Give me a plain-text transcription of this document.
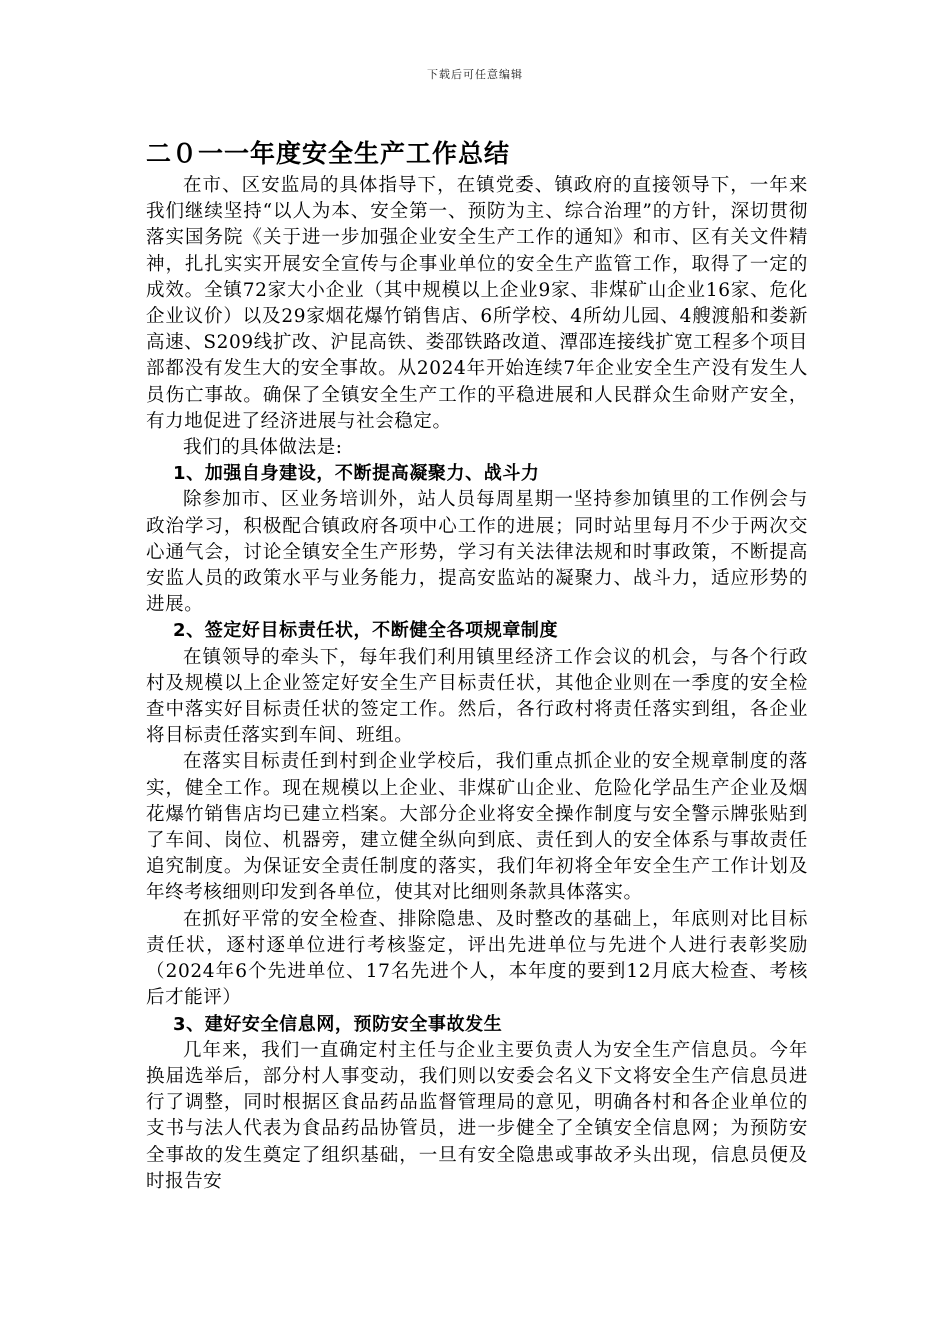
下载后可任意编辑
二０一一年度安全生产工作总结

在市、区安监局的具体指导下，在镇党委、镇政府的直接领导下，一年来我们继续坚持“以人为本、安全第一、预防为主、综合治理”的方针，深切贯彻落实国务院《关于进一步加强企业安全生产工作的通知》和市、区有关文件精神，扎扎实实开展安全宣传与企事业单位的安全生产监管工作，取得了一定的成效。全镇72家大小企业（其中规模以上企业9家、非煤矿山企业16家、危化企业议价）以及29家烟花爆竹销售店、6所学校、4所幼儿园、4艘渡船和娄新高速、S209线扩改、沪昆高铁、娄邵铁路改道、潭邵连接线扩宽工程多个项目部都没有发生大的安全事故。从2024年开始连续7年企业安全生产没有发生人员伤亡事故。确保了全镇安全生产工作的平稳进展和人民群众生命财产安全，有力地促进了经济进展与社会稳定。

我们的具体做法是:

1、加强自身建设，不断提高凝聚力、战斗力

除参加市、区业务培训外，站人员每周星期一坚持参加镇里的工作例会与政治学习，积极配合镇政府各项中心工作的进展；同时站里每月不少于两次交心通气会，讨论全镇安全生产形势，学习有关法律法规和时事政策，不断提高安监人员的政策水平与业务能力，提高安监站的凝聚力、战斗力，适应形势的进展。

2、签定好目标责任状，不断健全各项规章制度

在镇领导的牵头下，每年我们利用镇里经济工作会议的机会，与各个行政村及规模以上企业签定好安全生产目标责任状，其他企业则在一季度的安全检查中落实好目标责任状的签定工作。然后，各行政村将责任落实到组，各企业将目标责任落实到车间、班组。

在落实目标责任到村到企业学校后，我们重点抓企业的安全规章制度的落实，健全工作。现在规模以上企业、非煤矿山企业、危险化学品生产企业及烟花爆竹销售店均已建立档案。大部分企业将安全操作制度与安全警示牌张贴到了车间、岗位、机器旁，建立健全纵向到底、责任到人的安全体系与事故责任追究制度。为保证安全责任制度的落实，我们年初将全年安全生产工作计划及年终考核细则印发到各单位，使其对比细则条款具体落实。

在抓好平常的安全检查、排除隐患、及时整改的基础上，年底则对比目标责任状，逐村逐单位进行考核鉴定，评出先进单位与先进个人进行表彰奖励（2024年6个先进单位、17名先进个人，本年度的要到12月底大检查、考核后才能评）

3、建好安全信息网，预防安全事故发生

几年来，我们一直确定村主任与企业主要负责人为安全生产信息员。今年换届选举后，部分村人事变动，我们则以安委会名义下文将安全生产信息员进行了调整，同时根据区食品药品监督管理局的意见，明确各村和各企业单位的支书与法人代表为食品药品协管员，进一步健全了全镇安全信息网；为预防安全事故的发生奠定了组织基础，一旦有安全隐患或事故矛头出现，信息员便及时报告安
